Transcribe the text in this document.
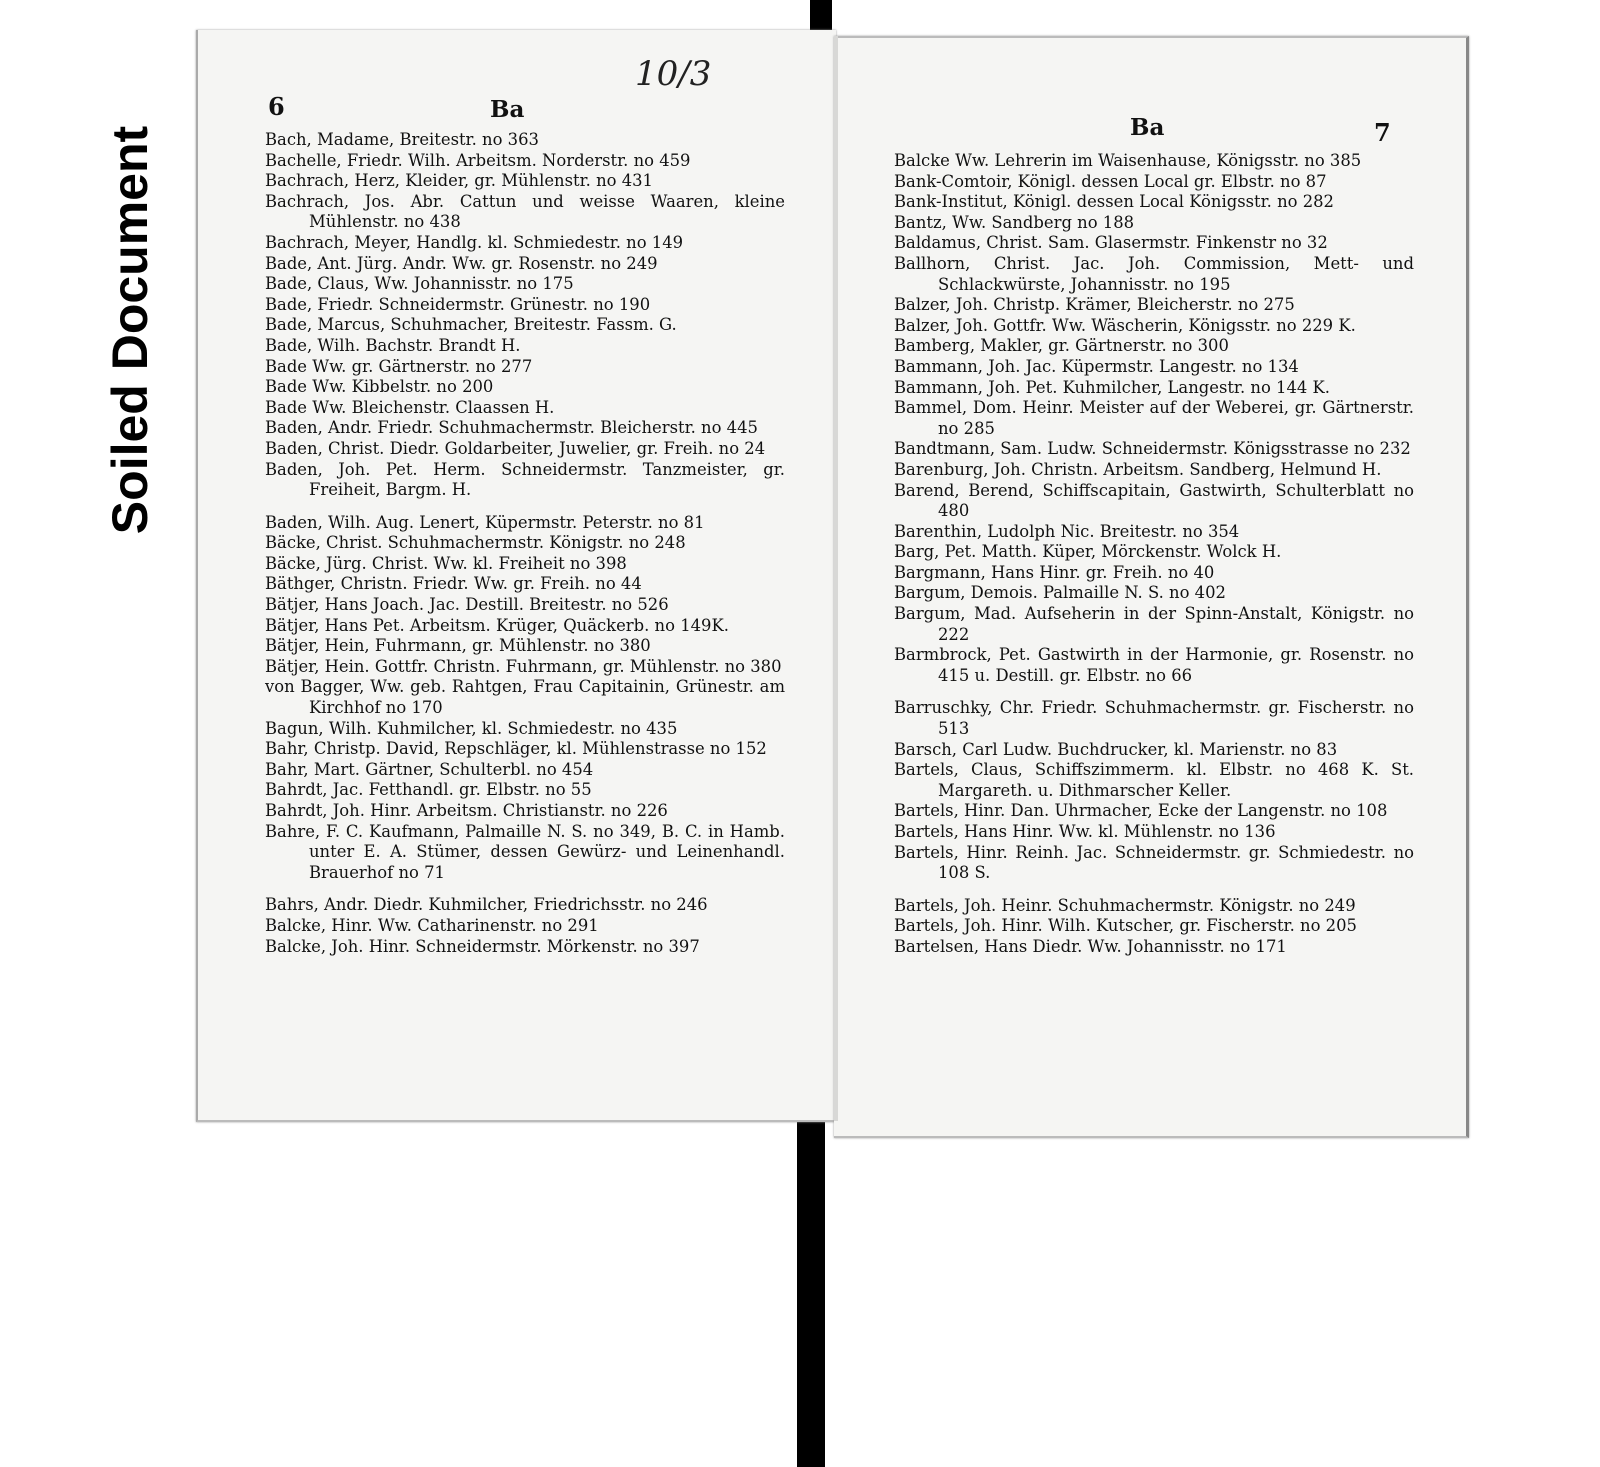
Soiled Document
6	Ba
10/3
Bach, Madame, Breitestr. no 363
Bachelle, Friedr. Wilh. Arbeitsm. Norderstr. no 459
Bachrach, Herz, Kleider, gr. Mühlenstr. no 431
Bachrach, Jos. Abr. Cattun und weisse Waaren, kleine Mühlenstr. no 438
Bachrach, Meyer, Handlg. kl. Schmiedestr. no 149
Bade, Ant. Jürg. Andr. Ww. gr. Rosenstr. no 249
Bade, Claus, Ww. Johannisstr. no 175
Bade, Friedr. Schneidermstr. Grünestr. no 190
Bade, Marcus, Schuhmacher, Breitestr. Fassm. G.
Bade, Wilh. Bachstr. Brandt H.
Bade Ww. gr. Gärtnerstr. no 277
Bade Ww. Kibbelstr. no 200
Bade Ww. Bleichenstr. Claassen H.
Baden, Andr. Friedr. Schuhmachermstr. Bleicherstr. no 445
Baden, Christ. Diedr. Goldarbeiter, Juwelier, gr. Freih. no 24
Baden, Joh. Pet. Herm. Schneidermstr. Tanzmeister, gr. Freiheit, Bargm. H.
Baden, Wilh. Aug. Lenert, Küpermstr. Peterstr. no 81
Bäcke, Christ. Schuhmachermstr. Königstr. no 248
Bäcke, Jürg. Christ. Ww. kl. Freiheit no 398
Bäthger, Christn. Friedr. Ww. gr. Freih. no 44
Bätjer, Hans Joach. Jac. Destill. Breitestr. no 526
Bätjer, Hans Pet. Arbeitsm. Krüger, Quäckerb. no 149K.
Bätjer, Hein, Fuhrmann, gr. Mühlenstr. no 380
Bätjer, Hein. Gottfr. Christn. Fuhrmann, gr. Mühlenstr. no 380
von Bagger, Ww. geb. Rahtgen, Frau Capitainin, Grünestr. am Kirchhof no 170
Bagun, Wilh. Kuhmilcher, kl. Schmiedestr. no 435
Bahr, Christp. David, Repschläger, kl. Mühlenstrasse no 152
Bahr, Mart. Gärtner, Schulterbl. no 454
Bahrdt, Jac. Fetthandl. gr. Elbstr. no 55
Bahrdt, Joh. Hinr. Arbeitsm. Christianstr. no 226
Bahre, F. C. Kaufmann, Palmaille N. S. no 349, B. C. in Hamb. unter E. A. Stümer, dessen Gewürz- und Leinenhandl. Brauerhof no 71
Bahrs, Andr. Diedr. Kuhmilcher, Friedrichsstr. no 246
Balcke, Hinr. Ww. Catharinenstr. no 291
Balcke, Joh. Hinr. Schneidermstr. Mörkenstr. no 397
Ba	7
Balcke Ww. Lehrerin im Waisenhause, Königsstr. no 385
Bank-Comtoir, Königl. dessen Local gr. Elbstr. no 87
Bank-Institut, Königl. dessen Local Königsstr. no 282
Bantz, Ww. Sandberg no 188
Baldamus, Christ. Sam. Glasermstr. Finkenstr no 32
Ballhorn, Christ. Jac. Joh. Commission, Mett- und Schlackwürste, Johannisstr. no 195
Balzer, Joh. Christp. Krämer, Bleicherstr. no 275
Balzer, Joh. Gottfr. Ww. Wäscherin, Königsstr. no 229 K.
Bamberg, Makler, gr. Gärtnerstr. no 300
Bammann, Joh. Jac. Küpermstr. Langestr. no 134
Bammann, Joh. Pet. Kuhmilcher, Langestr. no 144 K.
Bammel, Dom. Heinr. Meister auf der Weberei, gr. Gärtnerstr. no 285
Bandtmann, Sam. Ludw. Schneidermstr. Königsstrasse no 232
Barenburg, Joh. Christn. Arbeitsm. Sandberg, Helmund H.
Barend, Berend, Schiffscapitain, Gastwirth, Schulterblatt no 480
Barenthin, Ludolph Nic. Breitestr. no 354
Barg, Pet. Matth. Küper, Mörckenstr. Wolck H.
Bargmann, Hans Hinr. gr. Freih. no 40
Bargum, Demois. Palmaille N. S. no 402
Bargum, Mad. Aufseherin in der Spinn-Anstalt, Königstr. no 222
Barmbrock, Pet. Gastwirth in der Harmonie, gr. Rosenstr. no 415 u. Destill. gr. Elbstr. no 66
Barruschky, Chr. Friedr. Schuhmachermstr. gr. Fischerstr. no 513
Barsch, Carl Ludw. Buchdrucker, kl. Marienstr. no 83
Bartels, Claus, Schiffszimmerm. kl. Elbstr. no 468 K. St. Margareth. u. Dithmarscher Keller.
Bartels, Hinr. Dan. Uhrmacher, Ecke der Langenstr. no 108
Bartels, Hans Hinr. Ww. kl. Mühlenstr. no 136
Bartels, Hinr. Reinh. Jac. Schneidermstr. gr. Schmiedestr. no 108 S.
Bartels, Joh. Heinr. Schuhmachermstr. Königstr. no 249
Bartels, Joh. Hinr. Wilh. Kutscher, gr. Fischerstr. no 205
Bartelsen, Hans Diedr. Ww. Johannisstr. no 171
